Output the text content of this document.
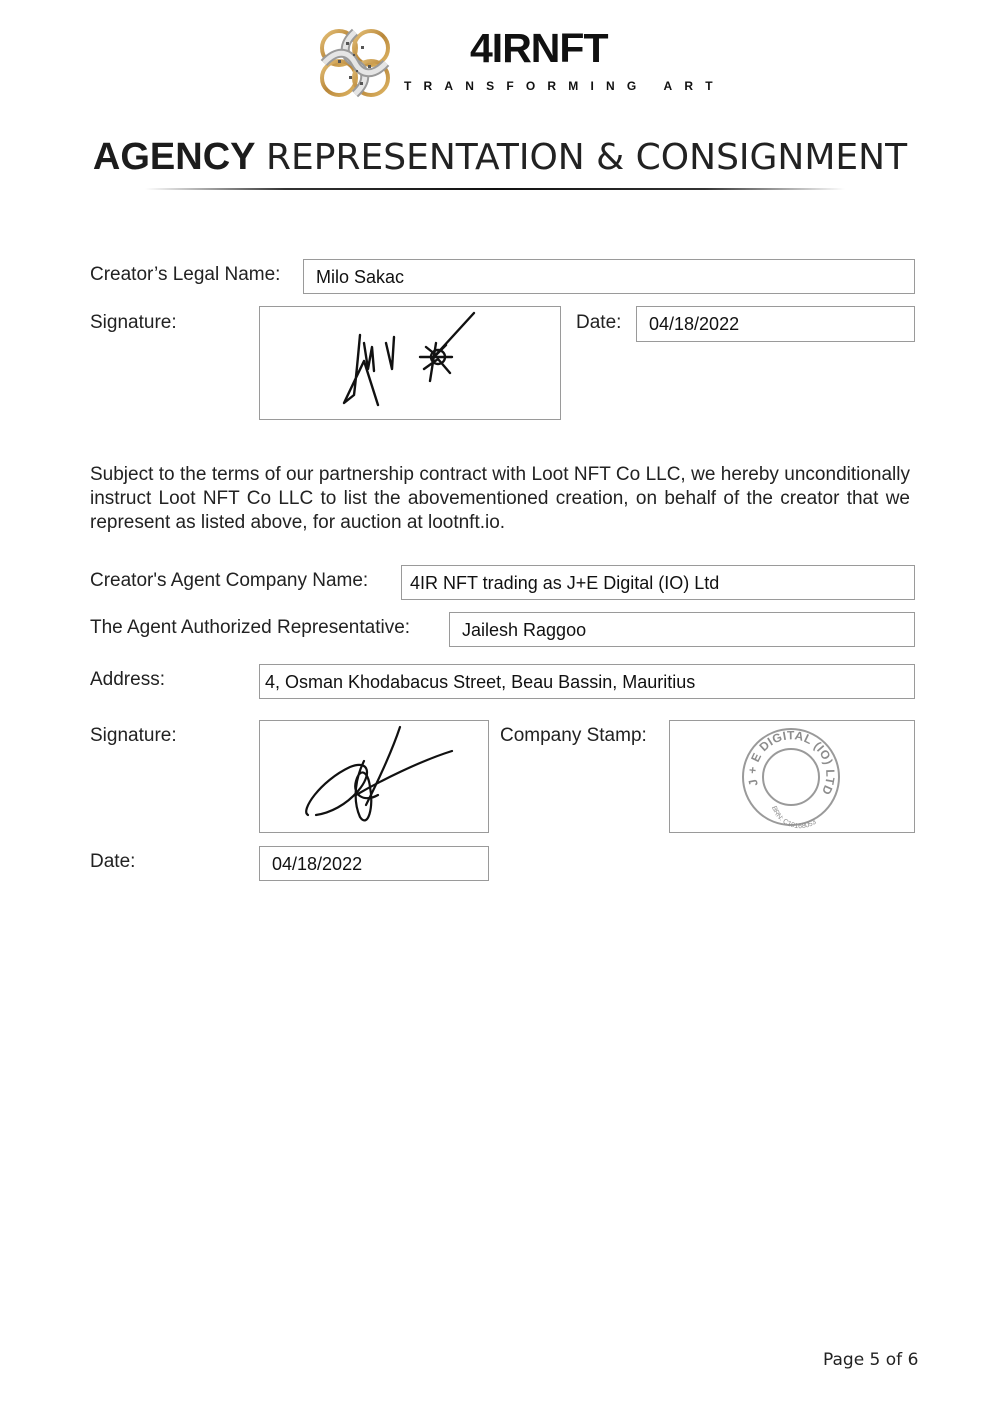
4IRNFT
TRANSFORMING ART
AGENCY REPRESENTATION & CONSIGNMENT
Creator’s Legal Name:	Milo Sakac
Signature:	Date:	04/18/2022
Subject to the terms of our partnership contract with Loot NFT Co LLC, we hereby unconditionally instruct Loot NFT Co LLC to list the abovementioned creation, on behalf of the creator that we represent as listed above, for auction at lootnft.io.
Creator's Agent Company Name:	4IR NFT trading as J+E Digital (IO) Ltd
The Agent Authorized Representative:	Jailesh Raggoo
Address:	4, Osman Khodabacus Street, Beau Bassin, Mauritius
Signature:	Company Stamp:
J + E DIGITAL (IO) LTD
BRN: C19168053
Date:	04/18/2022
Page 5 of 6
